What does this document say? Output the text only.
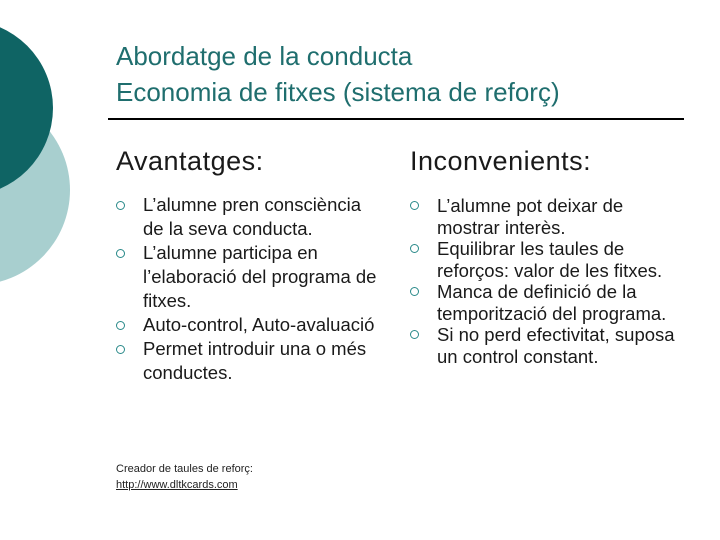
Abordatge de la conducta
Economia de fitxes (sistema de reforç)
Avantatges:
L’alumne pren consciència de la seva conducta.
L’alumne participa en l’elaboració del programa de fitxes.
Auto-control, Auto-avaluació
Permet introduir una o més conductes.
Inconvenients:
L’alumne pot deixar de mostrar interès.
Equilibrar les taules de reforços: valor de les fitxes.
Manca de definició de la temporització del programa.
Si no perd efectivitat, suposa un control constant.
Creador de taules de reforç:
http://www.dltkcards.com
